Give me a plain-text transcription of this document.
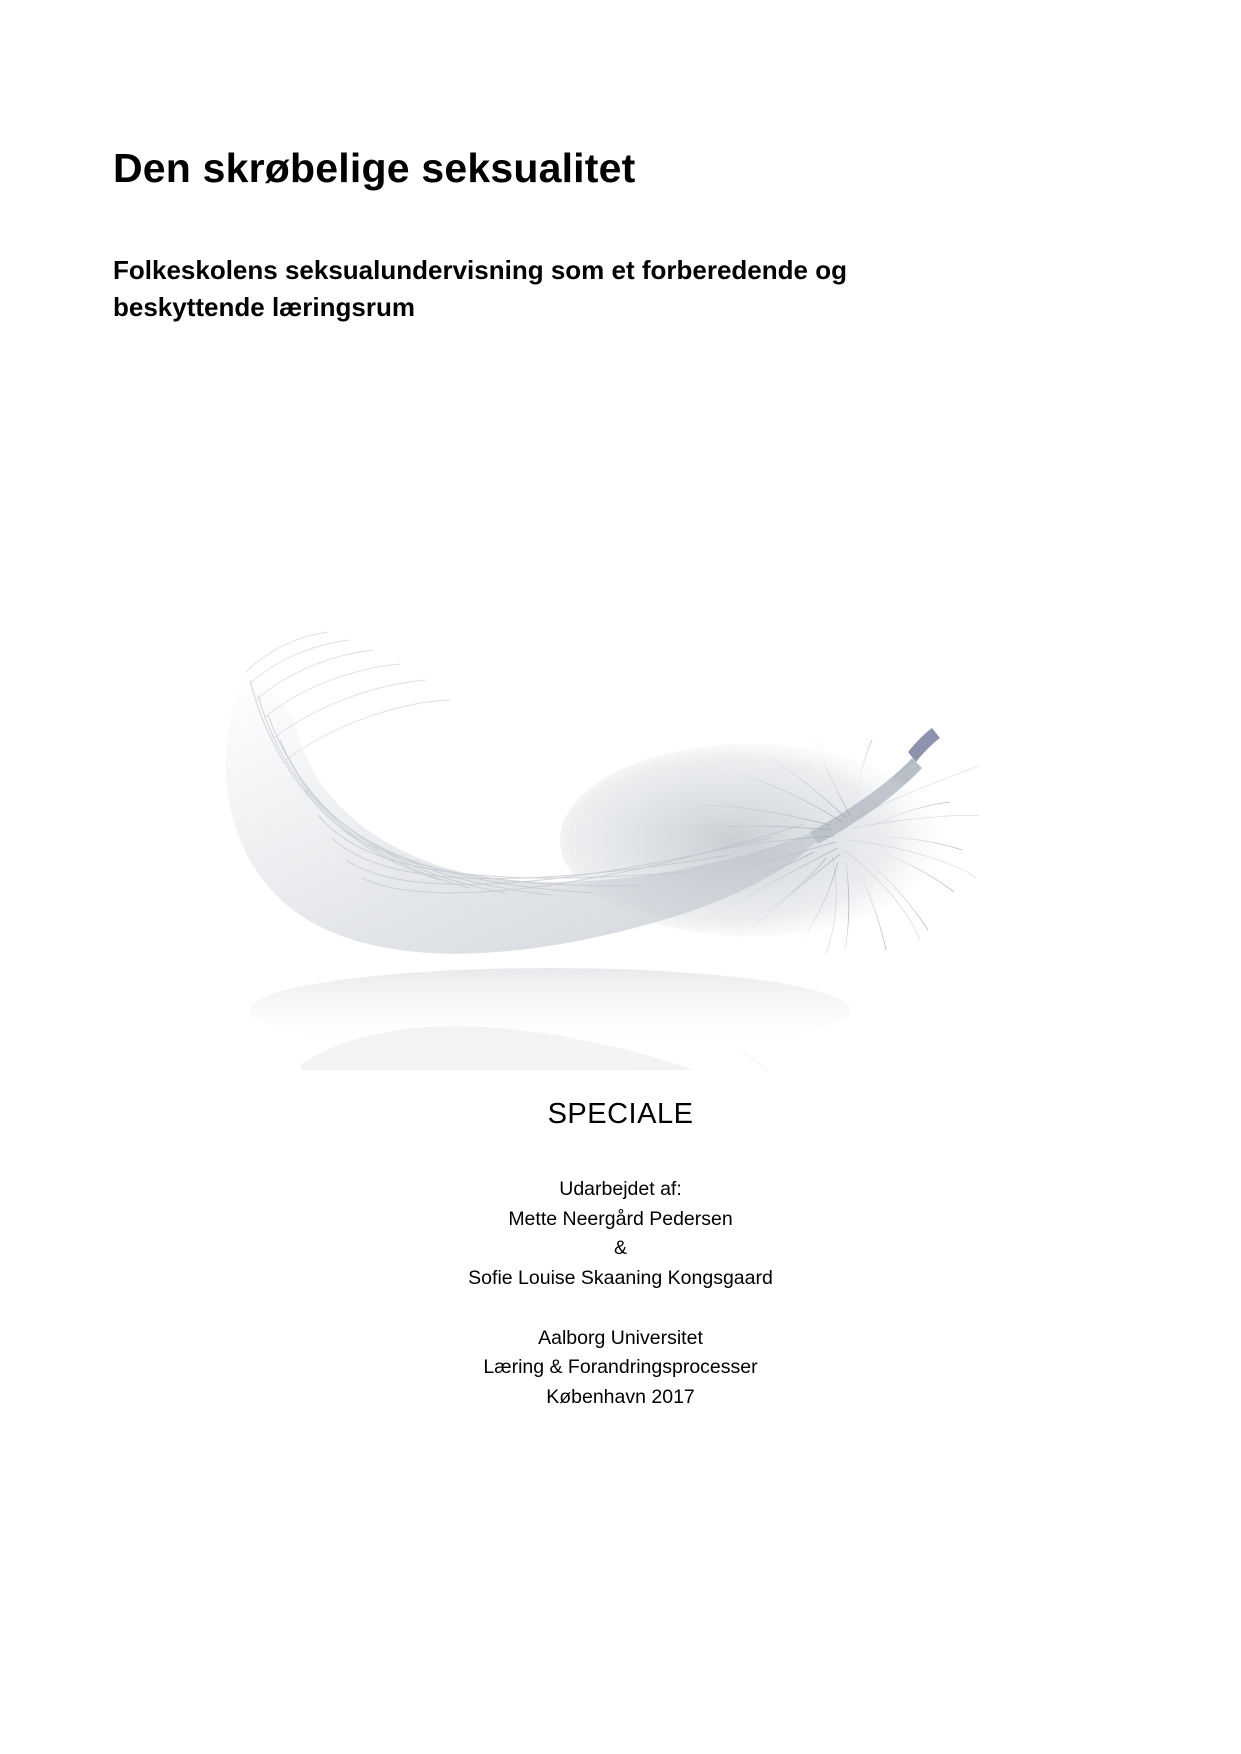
Den skrøbelige seksualitet
Folkeskolens seksualundervisning som et forberedende og beskyttende læringsrum

SPECIALE

Udarbejdet af:

Mette Neergård Pedersen

&

Sofie Louise Skaaning Kongsgaard

Aalborg Universitet

Læring & Forandringsprocesser

København 2017
